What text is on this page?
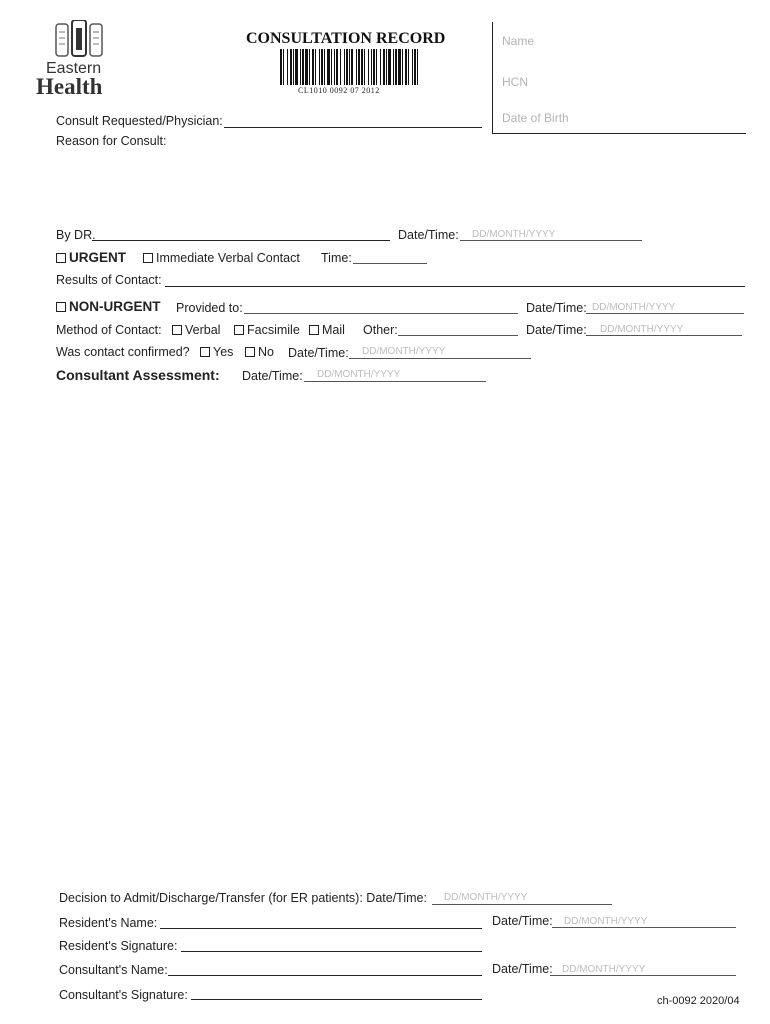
Eastern
Health
CONSULTATION RECORD
CL1010 0092 07 2012
Name
HCN
Date of Birth
Consult Requested/Physician:
Reason for Consult:
By DR.	Date/Time: DD/MONTH/YYYY
URGENT	Immediate Verbal Contact Time:
Results of Contact:
NON-URGENT Provided to:	Date/Time: DD/MONTH/YYYY
Method of Contact:	Verbal	Facsimile	Mail Other:	Date/Time: DD/MONTH/YYYY
Was contact confirmed?	Yes	No Date/Time: DD/MONTH/YYYY
Consultant Assessment: Date/Time: DD/MONTH/YYYY
Decision to Admit/Discharge/Transfer (for ER patients): Date/Time: DD/MONTH/YYYY
Resident's Name:	Date/Time: DD/MONTH/YYYY
Resident's Signature:
Consultant's Name:	Date/Time: DD/MONTH/YYYY
Consultant's Signature:	ch-0092 2020/04
